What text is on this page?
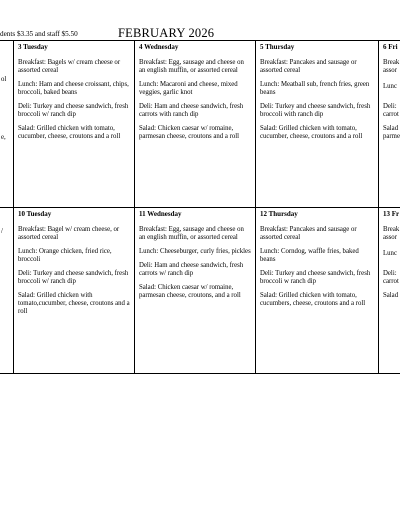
dents $3.35 and staff $5.50	FEBRUARY 2026

ol

e,

3 Tuesday

Breakfast: Bagels w/ cream cheese or assorted cereal

Lunch: Ham and cheese croissant, chips, broccoli, baked beans

Deli: Turkey and cheese sandwich, fresh broccoli w/ ranch dip

Salad: Grilled chicken with tomato, cucumber, cheese, croutons and a roll

4 Wednesday

Breakfast: Egg, sausage and cheese on an english muffin, or assorted cereal

Lunch: Macaroni and cheese, mixed veggies, garlic knot

Deli: Ham and cheese sandwich, fresh carrots with ranch dip

Salad: Chicken caesar w/ romaine, parmesan cheese, croutons and a roll

5 Thursday

Breakfast: Pancakes and sausage or assorted cereal

Lunch: Meatball sub, french fries, green beans

Deli: Turkey and cheese sandwich, fresh broccoli with ranch dip

Salad: Grilled chicken with tomato, cucumber, cheese, croutons and a roll

6 Fri

Break

assor

Lunc

Deli:

carrot

Salad

parme

/

10 Tuesday

Breakfast: Bagel w/ cream cheese, or assorted cereal

Lunch: Orange chicken, fried rice, broccoli

Deli: Turkey and cheese sandwich, fresh broccoli w/ ranch dip

Salad: Grilled chicken with tomato,cucumber, cheese, croutons and a roll

11 Wednesday

Breakfast: Egg, sausage and cheese on an english muffin, or assorted cereal

Lunch: Cheeseburger, curly fries, pickles

Deli: Ham and cheese sandwich, fresh carrots w/ ranch dip

Salad: Chicken caesar w/ romaine, parmesan cheese, croutons, and a roll

12 Thursday

Breakfast: Pancakes and sausage or assorted cereal

Lunch: Corndog, waffle fries, baked beans

Deli: Turkey and cheese sandwich, fresh broccoli w ranch dip

Salad: Grilled chicken with tomato, cucumbers, cheese, croutons and a roll

13 Fr

Break

assor

Lunc

Deli:

carrot

Salad
